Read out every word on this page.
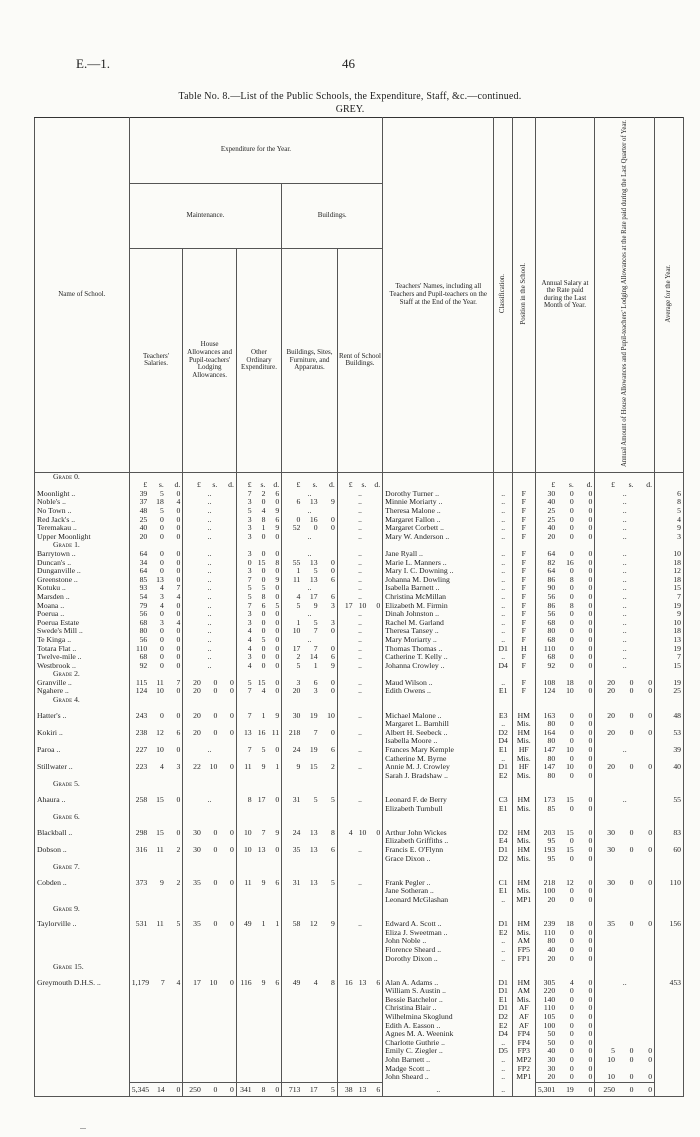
E.—1.	46
Table No. 8.—List of the Public Schools, the Expenditure, Staff, &c.—continued.
GREY.
Name of School.	Expenditure for the Year.					Teachers' Names, including all Teachers and Pupil-teachers on the Staff at the End of the Year.	Classification.	Position in the School.	Annual Salary at the Rate paid during the Last Month of Year.	Annual Amount of House Allowances and Pupil-teachers' Lodging Allowances at the Rate paid during the Last Quarter of Year.	Average for the Year.
	Maintenance.			Buildings.							
	Teachers' Salaries.	House Allowances and Pupil-teachers' Lodging Allowances.	Other Ordinary Expenditure.	Buildings, Sites, Furniture, and Apparatus.	Rent of School Buildings.						
Grade 0.											

	£ s. d.	£ s. d.	£ s. d.	£ s. d.	£ s. d.				£ s. d.	£ s. d.	

Moonlight ..	39 5 0	..	7 2 6	..	..	Dorothy Turner ..	..	F	30 0 0	..	6
Noble's ..	37 18 4	..	3 0 0	6 13 9	..	Minnie Moriarty ..	..	F	40 0 0	..	8
No Town ..	48 5 0	..	5 4 9	..	..	Theresa Malone ..	..	F	25 0 0	..	5
Red Jack's ..	25 0 0	..	3 8 6	0 16 0	..	Margaret Fallon ..	..	F	25 0 0	..	4
Teremakau ..	40 0 0	..	3 1 9	52 0 0	..	Margaret Corbett ..	..	F	40 0 0	..	9
Upper Moonlight	20 0 0	..	3 0 0	..	..	Mary W. Anderson ..	..	F	20 0 0	..	3
Grade 1.											
Barrytown ..	64 0 0	..	3 0 0	..	..	Jane Ryall ..	..	F	64 0 0	..	10
Duncan's ..	34 0 0	..	0 15 8	55 13 0	..	Marie L. Manners ..	..	F	82 16 0	..	18
Dunganville ..	64 0 0	..	3 0 0	1 5 0	..	Mary I. C. Downing ..	..	F	64 0 0	..	12
Greenstone ..	85 13 0	..	7 0 9	11 13 6	..	Johanna M. Dowling	..	F	86 8 0	..	18
Kotuku ..	93 4 7	..	5 5 0	..	..	Isabella Barnett ..	..	F	90 0 0	..	15
Marsden ..	54 3 4	..	5 8 0	4 17 6	..	Christina McMillan	..	F	56 0 0	..	7
Moana ..	79 4 0	..	7 6 5	5 9 3	17 10 0	Elizabeth M. Firmin	..	F	86 8 0	..	19
Poerua ..	56 0 0	..	3 0 0	..	..	Dinah Johnston ..	..	F	56 0 0	..	9
Poerua Estate	68 3 4	..	3 0 0	1 5 3	..	Rachel M. Garland	..	F	68 0 0	..	10
Swede's Mill ..	80 0 0	..	4 0 0	10 7 0	..	Theresa Tansey ..	..	F	80 0 0	..	18
Te Kinga ..	56 0 0	..	4 5 0	..	..	Mary Moriarty ..	..	F	68 0 0	..	13
Totara Flat ..	110 0 0	..	4 0 0	17 7 0	..	Thomas Thomas ..	D1	H	110 0 0	..	19
Twelve-mile ..	68 0 0	..	3 0 0	2 14 6	..	Catherine T. Kelly ..	..	F	68 0 0	..	7
Westbrook ..	92 0 0	..	4 0 0	5 1 9	..	Johanna Crowley ..	D4	F	92 0 0	..	15
Grade 2.											
Granville ..	115 11 7	20 0 0	5 15 0	3 6 0	..	Maud Wilson ..	..	F	108 18 0	20 0 0	19
Ngahere ..	124 10 0	20 0 0	7 4 0	20 3 0	..	Edith Owens ..	E1	F	124 10 0	20 0 0	25
Grade 4.											

Hatter's ..	243 0 0	20 0 0	7 1 9	30 19 10	..	Michael Malone ..	E3	HM	163 0 0	20 0 0	48
						Margaret L. Barnhill	..	Mis.	80 0 0		

Kokiri ..	238 12 6	20 0 0	13 16 11	218 7 0	..	Albert H. Seebeck ..	D2	HM	164 0 0	20 0 0	53
						Isabella Moore ..	D4	Mis.	80 0 0		

Paroa ..	227 10 0	..	7 5 0	24 19 6	..	Frances Mary Kemple	E1	HF	147 10 0	..	39
						Catherine M. Byrne	..	Mis.	80 0 0		

Stillwater ..	223 4 3	22 10 0	11 9 1	9 15 2	..	Annie M. J. Crowley	D1	HF	147 10 0	20 0 0	40
						Sarah J. Bradshaw ..	E2	Mis.	80 0 0		

Grade 5.											

Ahaura ..	258 15 0	..	8 17 0	31 5 5	..	Leonard F. de Berry	C3	HM	173 15 0	..	55
						Elizabeth Turnbull	E1	Mis.	85 0 0		

Grade 6.											

Blackball ..	298 15 0	30 0 0	10 7 9	24 13 8	4 10 0	Arthur John Wickes	D2	HM	203 15 0	30 0 0	83
						Elizabeth Griffiths ..	E4	Mis.	95 0 0		

Dobson ..	316 11 2	30 0 0	10 13 0	35 13 6	..	Francis E. O'Flynn	D1	HM	193 15 0	30 0 0	60
						Grace Dixon ..	D2	Mis.	95 0 0		

Grade 7.											

Cobden ..	373 9 2	35 0 0	11 9 6	31 13 5	..	Frank Pegler ..	C1	HM	218 12 0	30 0 0	110
						Jane Sotheran ..	E1	Mis.	100 0 0		

						Leonard McGlashan	..	MP1	20 0 0		

Grade 9.											

Taylorville ..	531 11 5	35 0 0	49 1 1	58 12 9	..	Edward A. Scott ..	D1	HM	239 18 0	35 0 0	156
						Eliza J. Sweetman ..	E2	Mis.	110 0 0		

						John Noble ..	..	AM	80 0 0		

						Florence Sheard ..	..	FP5	40 0 0		

						Dorothy Dixon ..	..	FP1	20 0 0		

Grade 15.											

Greymouth D.H.S. ..	1,179 7 4	17 10 0	116 9 6	49 4 8	16 13 6	Alan A. Adams ..	D1	HM	305 4 0	..	453
						William S. Austin ..	D1	AM	220 0 0		

						Bessie Batchelor ..	E1	Mis.	140 0 0		

						Christina Blair ..	D1	AF	110 0 0		

						Wilhelmina Skoglund	D2	AF	105 0 0		

						Edith A. Easson ..	E2	AF	100 0 0		

						Agnes M. A. Weenink	D4	FP4	50 0 0		

						Charlotte Guthrie ..	..	FP4	50 0 0		

						Emily C. Ziegler ..	D5	FP3	40 0 0	5 0 0	

						John Barnett ..	..	MP2	30 0 0	10 0 0	

						Madge Scott ..	..	FP2	30 0 0		

						John Sheard ..	..	MP1	20 0 0	10 0 0	

	5,345 14 0	250 0 0	341 8 0	713 17 5	38 13 6	..	..		5,301 19 0	250 0 0	
